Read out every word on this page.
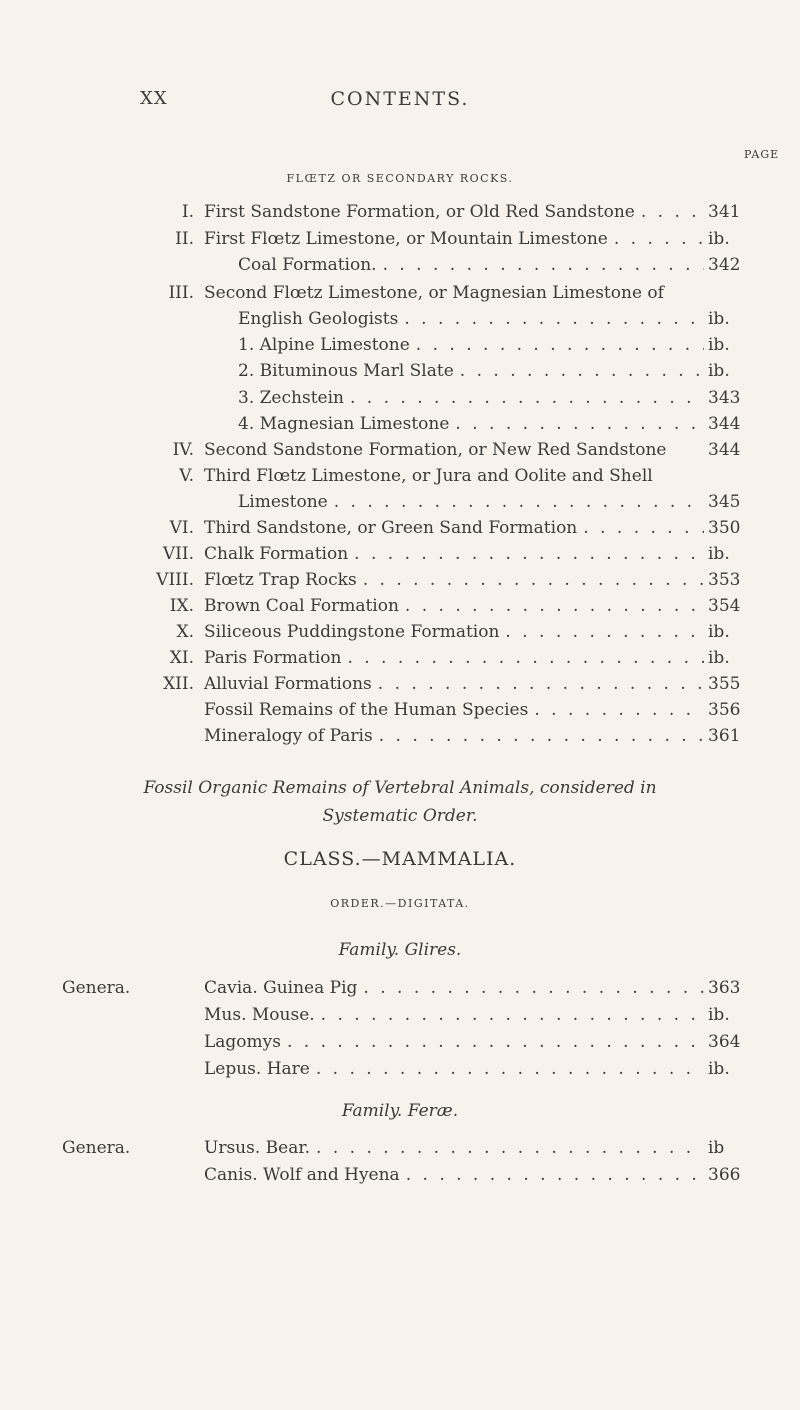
XX	CONTENTS.
PAGE
FLŒTZ OR SECONDARY ROCKS.
I. First Sandstone Formation, or Old Red Sandstone . . .	341
II. First Flœtz Limestone, or Mountain Limestone . . .	ib.
Coal Formation. . . .	342
III. Second Flœtz Limestone, or Magnesian Limestone of
English Geologists . . .	ib.
1. Alpine Limestone . . .	ib.
2. Bituminous Marl Slate . . .	ib.
3. Zechstein . . .	343
4. Magnesian Limestone . . .	344
IV. Second Sandstone Formation, or New Red Sandstone 344
V. Third Flœtz Limestone, or Jura and Oolite and Shell
Limestone . . .	345
VI. Third Sandstone, or Green Sand Formation . . .	350
VII. Chalk Formation . . .	ib.
VIII. Flœtz Trap Rocks . . .	353
IX. Brown Coal Formation . . .	354
X. Siliceous Puddingstone Formation . . .	ib.
XI. Paris Formation . . .	ib.
XII. Alluvial Formations . . .	355
Fossil Remains of the Human Species . . .	356
Mineralogy of Paris . . .	361
Fossil Organic Remains of Vertebral Animals, considered in
Systematic Order.
CLASS.—MAMMALIA.
ORDER.—DIGITATA.
Family. Glires.
Genera.	Cavia. Guinea Pig . . .	363
Mus. Mouse. . . .	ib.
Lagomys . . .	364
Lepus. Hare . . .	ib.
Family. Feræ.
Genera.	Ursus. Bear. . . .	ib
Canis. Wolf and Hyena . . .	366
